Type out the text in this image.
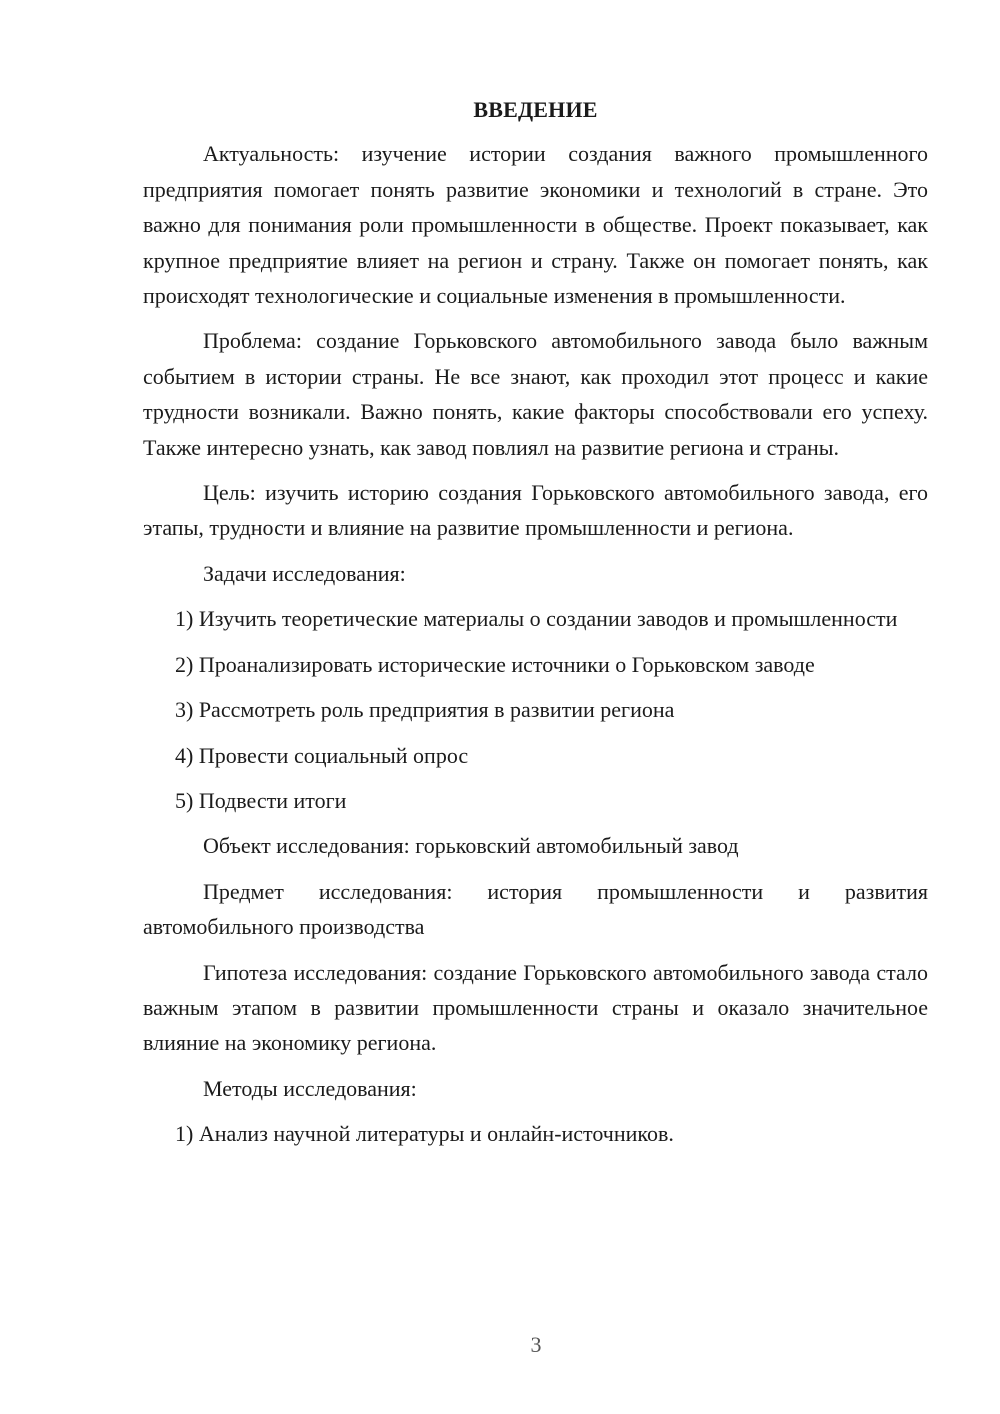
ВВЕДЕНИЕ

Актуальность: изучение истории создания важного промышленного предприятия помогает понять развитие экономики и технологий в стране. Это важно для понимания роли промышленности в обществе. Проект показывает, как крупное предприятие влияет на регион и страну. Также он помогает понять, как происходят технологические и социальные изменения в промышленности.

Проблема: создание Горьковского автомобильного завода было важным событием в истории страны. Не все знают, как проходил этот процесс и какие трудности возникали. Важно понять, какие факторы способствовали его успеху. Также интересно узнать, как завод повлиял на развитие региона и страны.

Цель: изучить историю создания Горьковского автомобильного завода, его этапы, трудности и влияние на развитие промышленности и региона.

Задачи исследования:

1) Изучить теоретические материалы о создании заводов и промышленности

2) Проанализировать исторические источники о Горьковском заводе

3) Рассмотреть роль предприятия в развитии региона

4) Провести социальный опрос

5) Подвести итоги

Объект исследования: горьковский автомобильный завод

Предмет исследования: история промышленности и развития автомобильного производства

Гипотеза исследования: создание Горьковского автомобильного завода стало важным этапом в развитии промышленности страны и оказало значительное влияние на экономику региона.

Методы исследования:

1) Анализ научной литературы и онлайн-источников.

3
